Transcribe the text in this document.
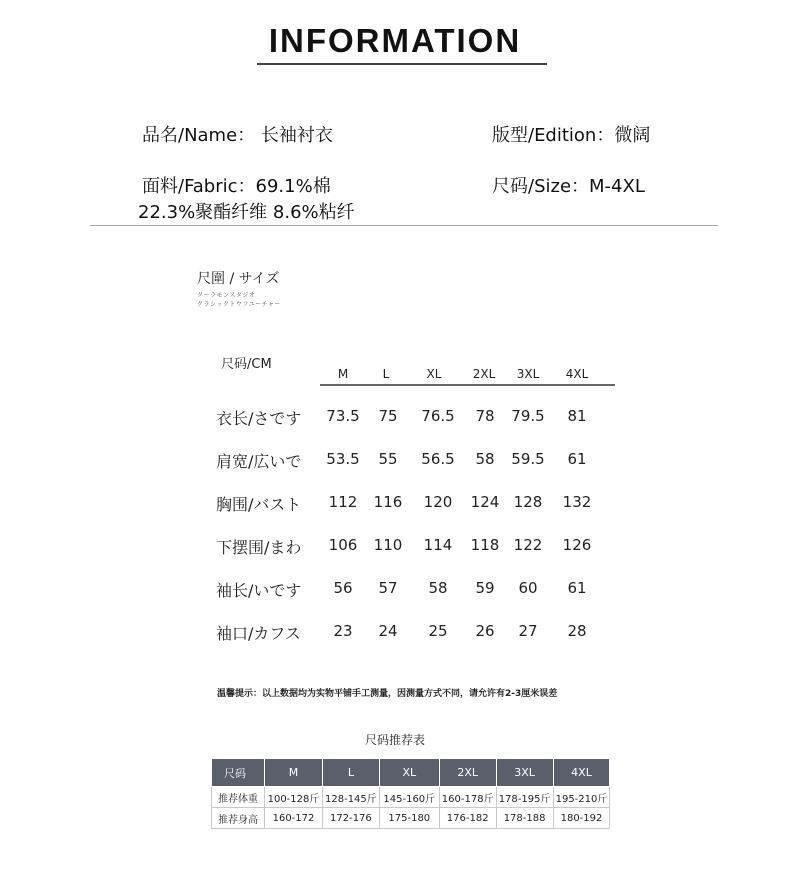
INFORMATION
品名/Name： 长袖衬衣	版型/Edition：微阔
面料/Fabric：69.1%棉
22.3%聚酯纤维 8.6%粘纤
尺码/Size：M-4XL
尺圍 / サイズ
クーラモンスタジオ
クラシックトウフユーチャー
尺码/CM
M	L	XL	2XL	3XL	4XL
衣长/さです	73.5	75	76.5	78	79.5	81
肩宽/広いで	53.5	55	56.5	58	59.5	61
胸围/バスト	112	116	120	124 128	132
下摆围/まわ	106	110	114	118 122	126
袖长/いです	56	57	58	59	60	61
袖口/カフス	23	24	25	26	27	28
温馨提示：以上数据均为实物平铺手工测量，因测量方式不同，请允许有2-3厘米误差
尺码推荐表
尺码	M	L	XL	2XL	3XL	4XL
推荐体重	100-128斤	128-145斤	145-160斤	160-178斤	178-195斤	195-210斤
推荐身高	160-172	172-176	175-180	176-182	178-188	180-192
